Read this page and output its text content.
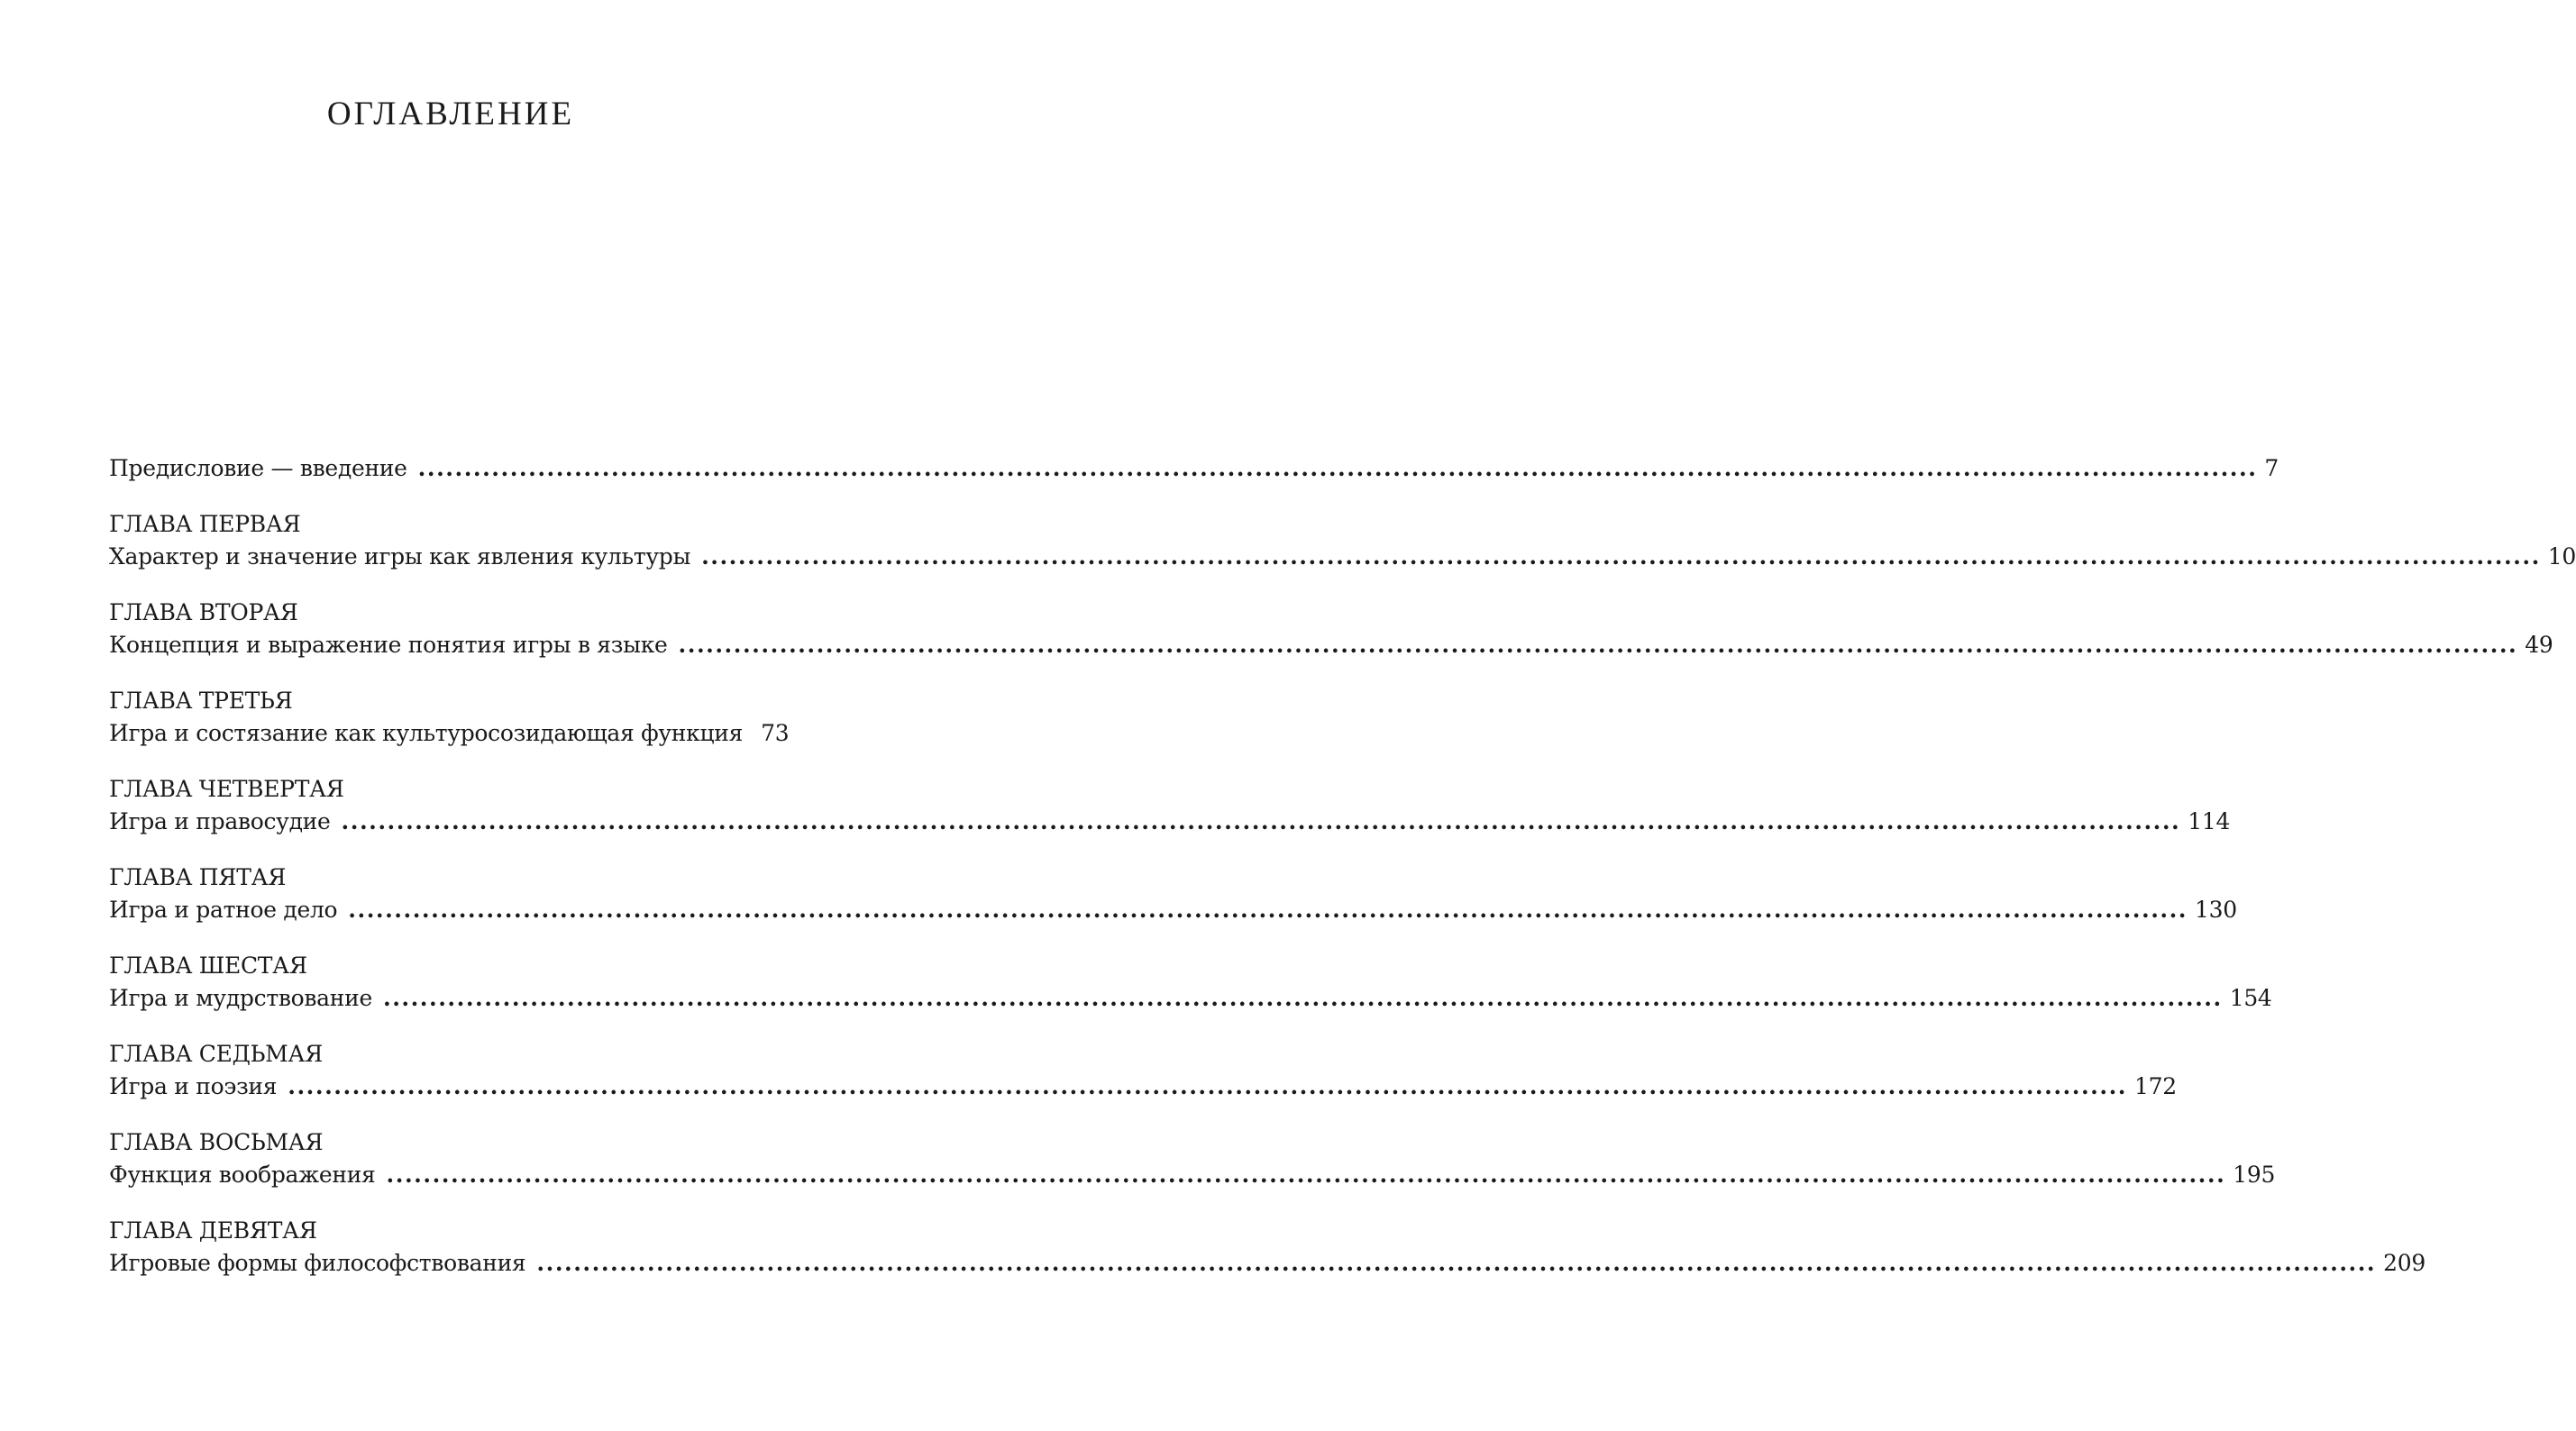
ОГЛАВЛЕНИЕ
Предисловие — введение ........................................................................................................................................................................................................ 7
ГЛАВА ПЕРВАЯ
Характер и значение игры как явления культуры ........................................................................................................................................................................................................ 10
ГЛАВА ВТОРАЯ
Концепция и выражение понятия игры в языке ........................................................................................................................................................................................................ 49
ГЛАВА ТРЕТЬЯ
Игра и состязание как культуросозидающая функция 73
ГЛАВА ЧЕТВЕРТАЯ
Игра и правосудие ........................................................................................................................................................................................................ 114
ГЛАВА ПЯТАЯ
Игра и ратное дело ........................................................................................................................................................................................................ 130
ГЛАВА ШЕСТАЯ
Игра и мудрствование ........................................................................................................................................................................................................ 154
ГЛАВА СЕДЬМАЯ
Игра и поэзия ........................................................................................................................................................................................................ 172
ГЛАВА ВОСЬМАЯ
Функция воображения ........................................................................................................................................................................................................ 195
ГЛАВА ДЕВЯТАЯ
Игровые формы философствования ........................................................................................................................................................................................................ 209
